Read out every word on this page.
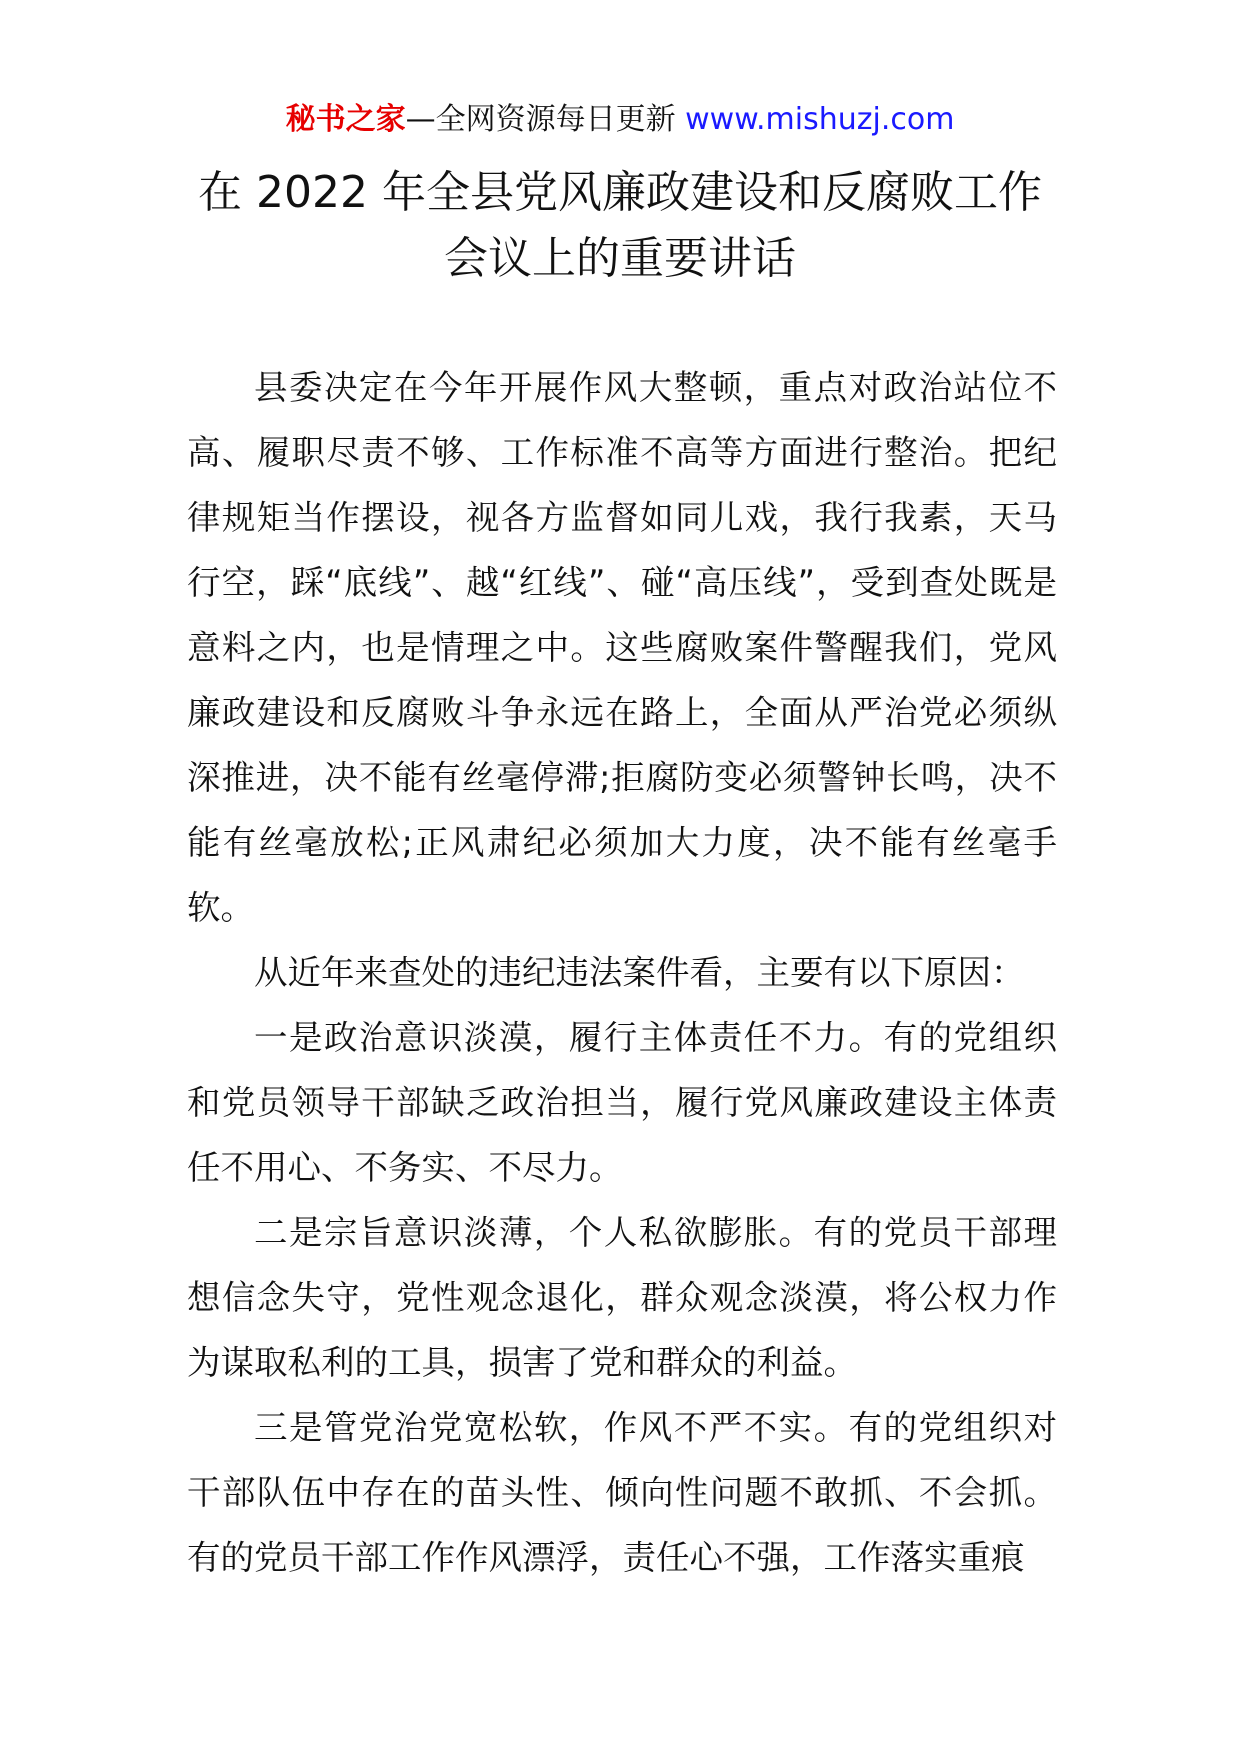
秘书之家—全网资源每日更新 www.mishuzj.com
在 2022 年全县党风廉政建设和反腐败工作
会议上的重要讲话

县委决定在今年开展作风大整顿，重点对政治站位不高、履职尽责不够、工作标准不高等方面进行整治。把纪律规矩当作摆设，视各方监督如同儿戏，我行我素，天马行空，踩“底线”、越“红线”、碰“高压线”，受到查处既是意料之内，也是情理之中。这些腐败案件警醒我们，党风廉政建设和反腐败斗争永远在路上，全面从严治党必须纵深推进，决不能有丝毫停滞;拒腐防变必须警钟长鸣，决不能有丝毫放松;正风肃纪必须加大力度，决不能有丝毫手软。

从近年来查处的违纪违法案件看，主要有以下原因：

一是政治意识淡漠，履行主体责任不力。有的党组织和党员领导干部缺乏政治担当，履行党风廉政建设主体责任不用心、不务实、不尽力。

二是宗旨意识淡薄，个人私欲膨胀。有的党员干部理想信念失守，党性观念退化，群众观念淡漠，将公权力作为谋取私利的工具，损害了党和群众的利益。

三是管党治党宽松软，作风不严不实。有的党组织对干部队伍中存在的苗头性、倾向性问题不敢抓、不会抓。有的党员干部工作作风漂浮，责任心不强，工作落实重痕
